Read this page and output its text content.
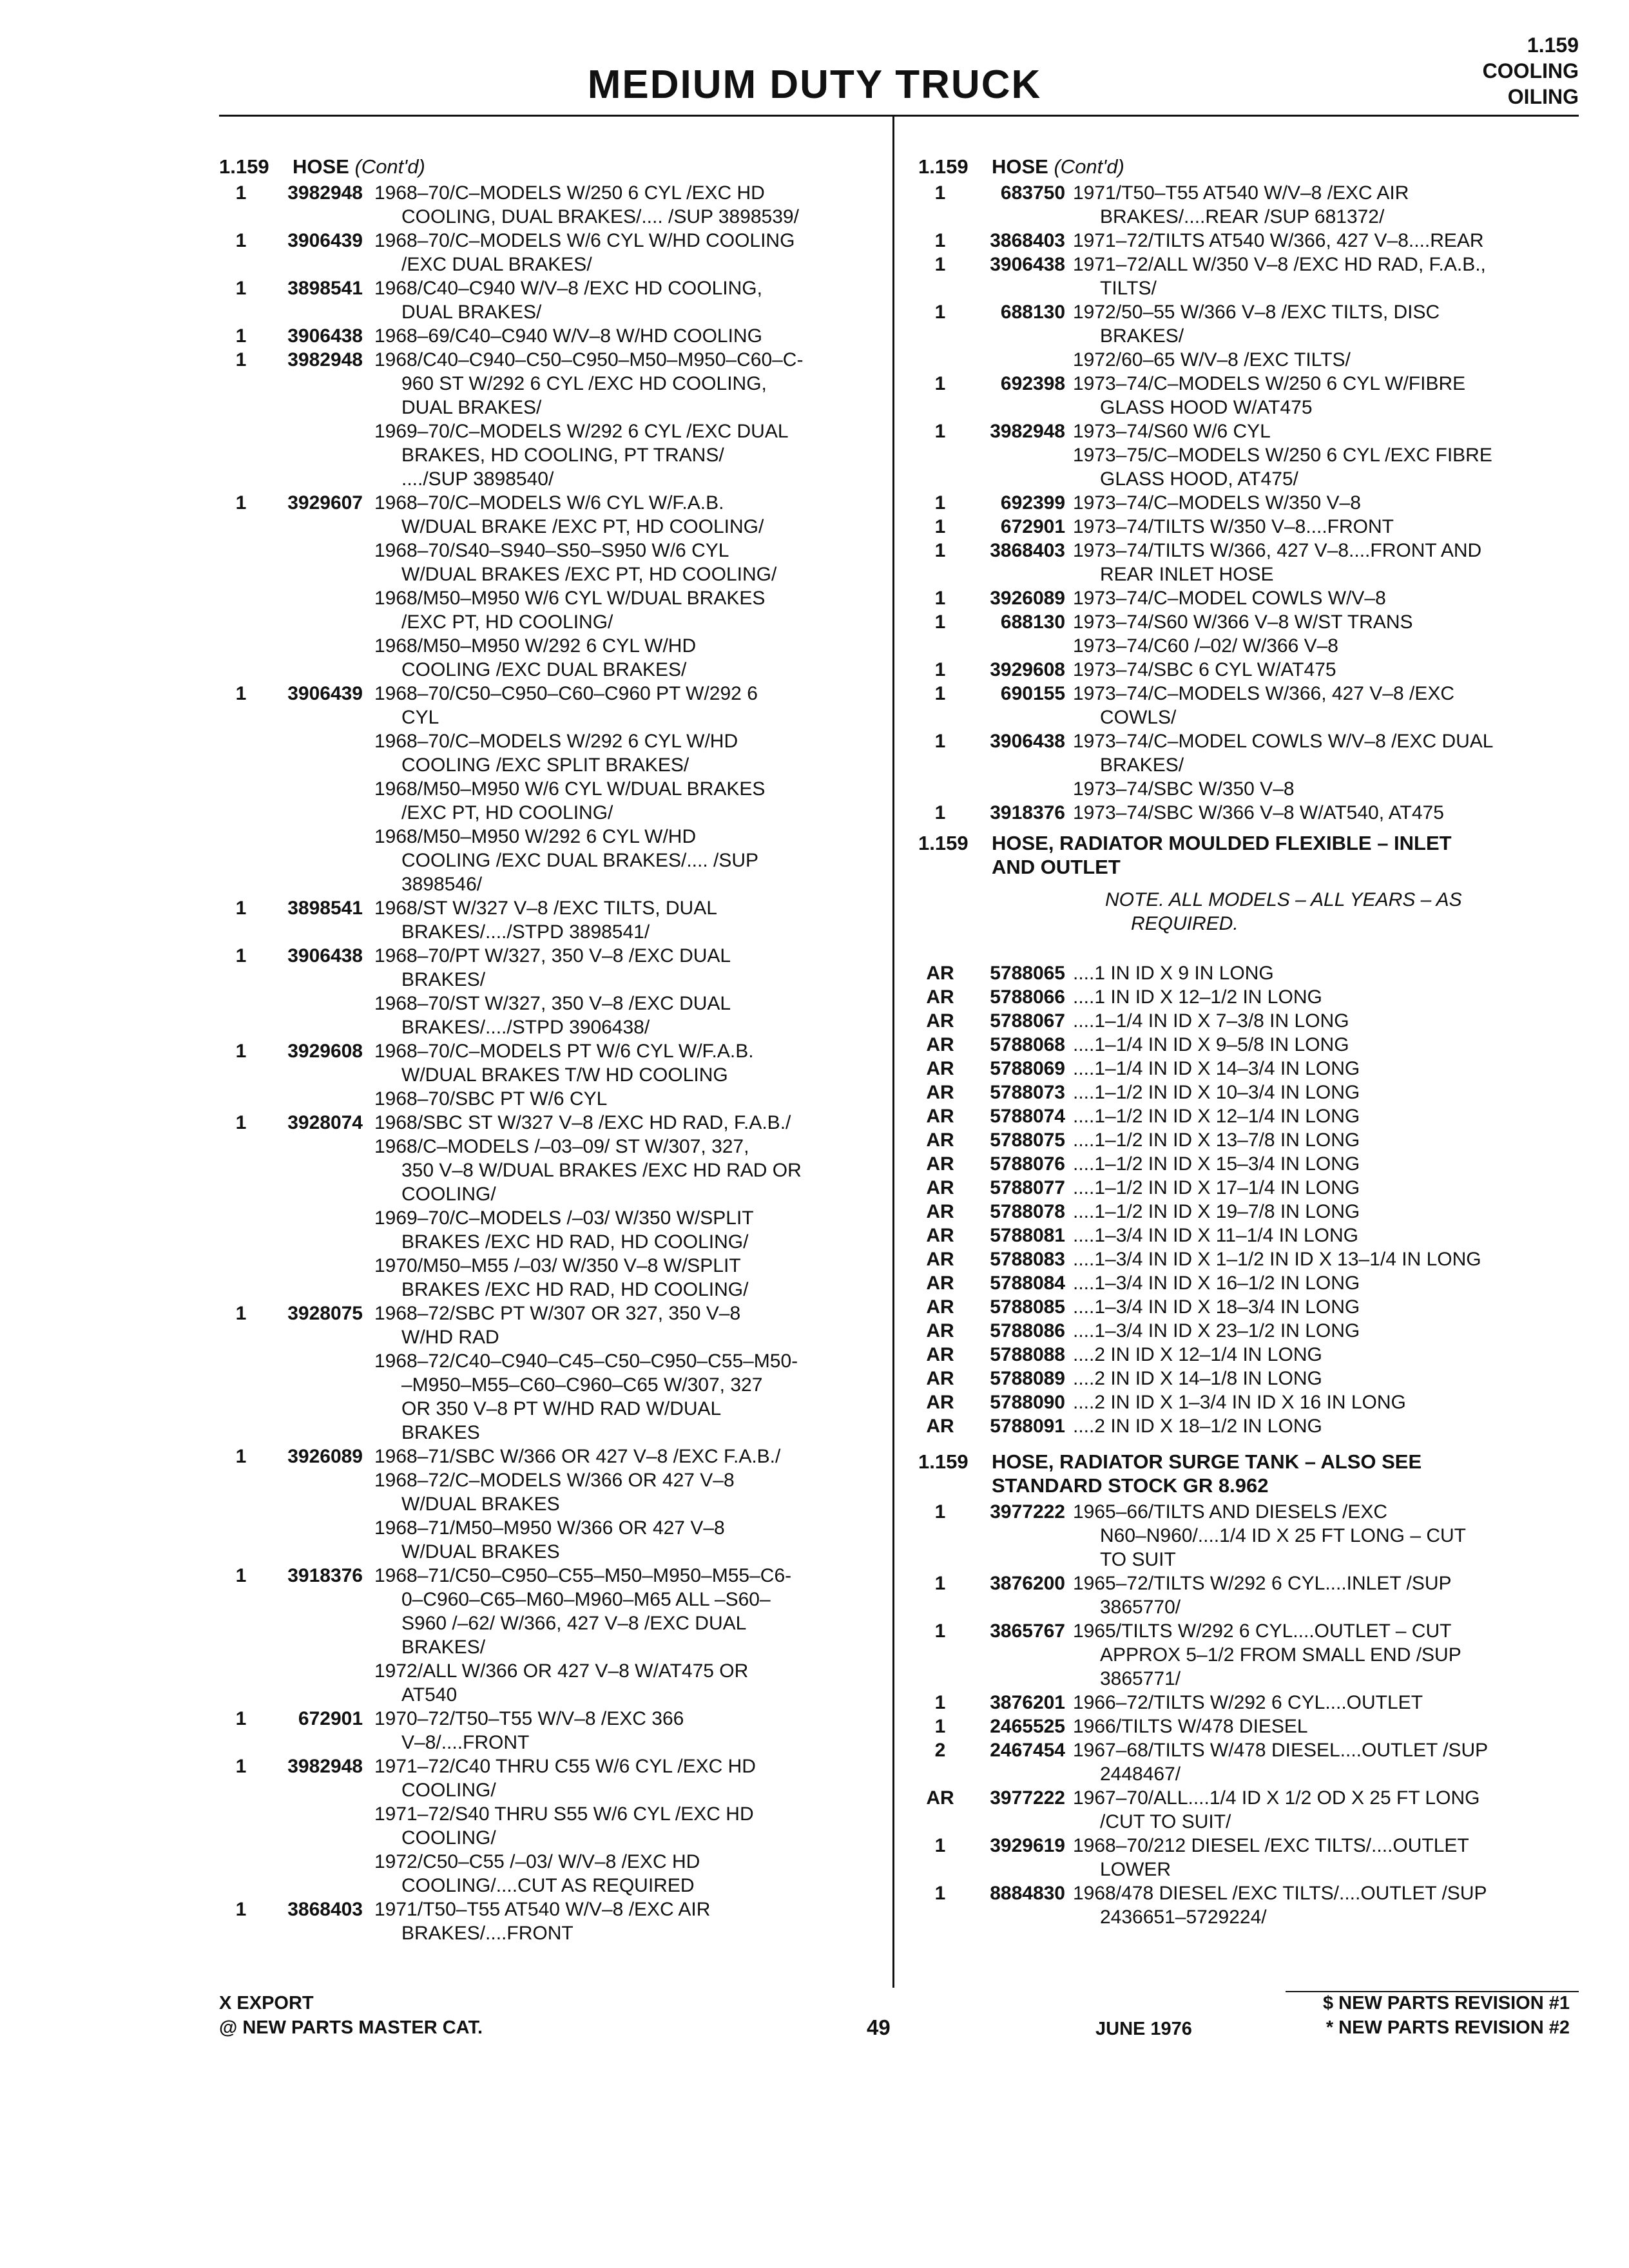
MEDIUM DUTY TRUCK
1.159
COOLING
OILING
1.159 HOSE (Cont'd)
1	3982948 1968–70/C–MODELS W/250 6 CYL /EXC HD
COOLING, DUAL BRAKES/.... /SUP 3898539/
1	3906439 1968–70/C–MODELS W/6 CYL W/HD COOLING
/EXC DUAL BRAKES/
1	3898541 1968/C40–C940 W/V–8 /EXC HD COOLING,
DUAL BRAKES/
1	3906438 1968–69/C40–C940 W/V–8 W/HD COOLING
1	3982948 1968/C40–C940–C50–C950–M50–M950–C60–C-
960 ST W/292 6 CYL /EXC HD COOLING,
DUAL BRAKES/
1969–70/C–MODELS W/292 6 CYL /EXC DUAL
BRAKES, HD COOLING, PT TRANS/
..../SUP 3898540/
1	3929607 1968–70/C–MODELS W/6 CYL W/F.A.B.
W/DUAL BRAKE /EXC PT, HD COOLING/
1968–70/S40–S940–S50–S950 W/6 CYL
W/DUAL BRAKES /EXC PT, HD COOLING/
1968/M50–M950 W/6 CYL W/DUAL BRAKES
/EXC PT, HD COOLING/
1968/M50–M950 W/292 6 CYL W/HD
COOLING /EXC DUAL BRAKES/
1	3906439 1968–70/C50–C950–C60–C960 PT W/292 6
CYL
1968–70/C–MODELS W/292 6 CYL W/HD
COOLING /EXC SPLIT BRAKES/
1968/M50–M950 W/6 CYL W/DUAL BRAKES
/EXC PT, HD COOLING/
1968/M50–M950 W/292 6 CYL W/HD
COOLING /EXC DUAL BRAKES/.... /SUP
3898546/
1	3898541 1968/ST W/327 V–8 /EXC TILTS, DUAL
BRAKES/..../STPD 3898541/
1	3906438 1968–70/PT W/327, 350 V–8 /EXC DUAL
BRAKES/
1968–70/ST W/327, 350 V–8 /EXC DUAL
BRAKES/..../STPD 3906438/
1	3929608 1968–70/C–MODELS PT W/6 CYL W/F.A.B.
W/DUAL BRAKES T/W HD COOLING
1968–70/SBC PT W/6 CYL
1	3928074 1968/SBC ST W/327 V–8 /EXC HD RAD, F.A.B./
1968/C–MODELS /–03–09/ ST W/307, 327,
350 V–8 W/DUAL BRAKES /EXC HD RAD OR
COOLING/
1969–70/C–MODELS /–03/ W/350 W/SPLIT
BRAKES /EXC HD RAD, HD COOLING/
1970/M50–M55 /–03/ W/350 V–8 W/SPLIT
BRAKES /EXC HD RAD, HD COOLING/
1	3928075 1968–72/SBC PT W/307 OR 327, 350 V–8
W/HD RAD
1968–72/C40–C940–C45–C50–C950–C55–M50-
–M950–M55–C60–C960–C65 W/307, 327
OR 350 V–8 PT W/HD RAD W/DUAL
BRAKES
1	3926089 1968–71/SBC W/366 OR 427 V–8 /EXC F.A.B./
1968–72/C–MODELS W/366 OR 427 V–8
W/DUAL BRAKES
1968–71/M50–M950 W/366 OR 427 V–8
W/DUAL BRAKES
1	3918376 1968–71/C50–C950–C55–M50–M950–M55–C6-
0–C960–C65–M60–M960–M65 ALL –S60–
S960 /–62/ W/366, 427 V–8 /EXC DUAL
BRAKES/
1972/ALL W/366 OR 427 V–8 W/AT475 OR
AT540
1	672901 1970–72/T50–T55 W/V–8 /EXC 366
V–8/....FRONT
1	3982948 1971–72/C40 THRU C55 W/6 CYL /EXC HD
COOLING/
1971–72/S40 THRU S55 W/6 CYL /EXC HD
COOLING/
1972/C50–C55 /–03/ W/V–8 /EXC HD
COOLING/....CUT AS REQUIRED
1	3868403 1971/T50–T55 AT540 W/V–8 /EXC AIR
BRAKES/....FRONT
1.159 HOSE (Cont'd)
1	683750 1971/T50–T55 AT540 W/V–8 /EXC AIR
BRAKES/....REAR /SUP 681372/
1	3868403 1971–72/TILTS AT540 W/366, 427 V–8....REAR
1	3906438 1971–72/ALL W/350 V–8 /EXC HD RAD, F.A.B.,
TILTS/
1	688130 1972/50–55 W/366 V–8 /EXC TILTS, DISC
BRAKES/
1972/60–65 W/V–8 /EXC TILTS/
1	692398 1973–74/C–MODELS W/250 6 CYL W/FIBRE
GLASS HOOD W/AT475
1	3982948 1973–74/S60 W/6 CYL
1973–75/C–MODELS W/250 6 CYL /EXC FIBRE
GLASS HOOD, AT475/
1	692399 1973–74/C–MODELS W/350 V–8
1	672901 1973–74/TILTS W/350 V–8....FRONT
1	3868403 1973–74/TILTS W/366, 427 V–8....FRONT AND
REAR INLET HOSE
1	3926089 1973–74/C–MODEL COWLS W/V–8
1	688130 1973–74/S60 W/366 V–8 W/ST TRANS
1973–74/C60 /–02/ W/366 V–8
1	3929608 1973–74/SBC 6 CYL W/AT475
1	690155 1973–74/C–MODELS W/366, 427 V–8 /EXC
COWLS/
1	3906438 1973–74/C–MODEL COWLS W/V–8 /EXC DUAL
BRAKES/
1973–74/SBC W/350 V–8
1	3918376 1973–74/SBC W/366 V–8 W/AT540, AT475
1.159 HOSE, RADIATOR MOULDED FLEXIBLE – INLET
AND OUTLET
NOTE. ALL MODELS – ALL YEARS – AS
REQUIRED.
AR	5788065 ....1 IN ID X 9 IN LONG
AR	5788066 ....1 IN ID X 12–1/2 IN LONG
AR	5788067 ....1–1/4 IN ID X 7–3/8 IN LONG
AR	5788068 ....1–1/4 IN ID X 9–5/8 IN LONG
AR	5788069 ....1–1/4 IN ID X 14–3/4 IN LONG
AR	5788073 ....1–1/2 IN ID X 10–3/4 IN LONG
AR	5788074 ....1–1/2 IN ID X 12–1/4 IN LONG
AR	5788075 ....1–1/2 IN ID X 13–7/8 IN LONG
AR	5788076 ....1–1/2 IN ID X 15–3/4 IN LONG
AR	5788077 ....1–1/2 IN ID X 17–1/4 IN LONG
AR	5788078 ....1–1/2 IN ID X 19–7/8 IN LONG
AR	5788081 ....1–3/4 IN ID X 11–1/4 IN LONG
AR	5788083 ....1–3/4 IN ID X 1–1/2 IN ID X 13–1/4 IN LONG
AR	5788084 ....1–3/4 IN ID X 16–1/2 IN LONG
AR	5788085 ....1–3/4 IN ID X 18–3/4 IN LONG
AR	5788086 ....1–3/4 IN ID X 23–1/2 IN LONG
AR	5788088 ....2 IN ID X 12–1/4 IN LONG
AR	5788089 ....2 IN ID X 14–1/8 IN LONG
AR	5788090 ....2 IN ID X 1–3/4 IN ID X 16 IN LONG
AR	5788091 ....2 IN ID X 18–1/2 IN LONG
1.159 HOSE, RADIATOR SURGE TANK – ALSO SEE
STANDARD STOCK GR 8.962
1	3977222 1965–66/TILTS AND DIESELS /EXC
N60–N960/....1/4 ID X 25 FT LONG – CUT
TO SUIT
1	3876200 1965–72/TILTS W/292 6 CYL....INLET /SUP
3865770/
1	3865767 1965/TILTS W/292 6 CYL....OUTLET – CUT
APPROX 5–1/2 FROM SMALL END /SUP
3865771/
1	3876201 1966–72/TILTS W/292 6 CYL....OUTLET
1	2465525 1966/TILTS W/478 DIESEL
2	2467454 1967–68/TILTS W/478 DIESEL....OUTLET /SUP
2448467/
AR	3977222 1967–70/ALL....1/4 ID X 1/2 OD X 25 FT LONG
/CUT TO SUIT/
1	3929619 1968–70/212 DIESEL /EXC TILTS/....OUTLET
LOWER
1	8884830 1968/478 DIESEL /EXC TILTS/....OUTLET /SUP
2436651–5729224/
X EXPORT
@ NEW PARTS MASTER CAT.	49	JUNE 1976
$ NEW PARTS REVISION #1
* NEW PARTS REVISION #2
